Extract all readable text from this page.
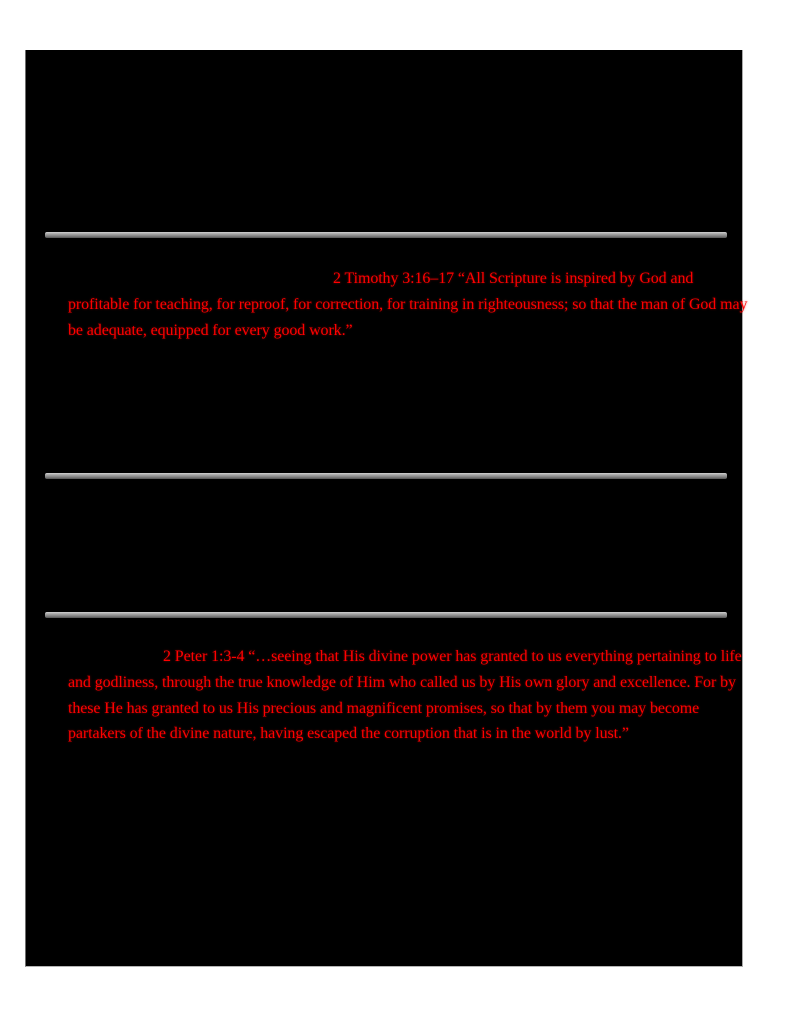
2 Timothy 3:16–17 “All Scripture is inspired by God and
profitable for teaching, for reproof, for correction, for training in righteousness; so that the man of God may
be adequate, equipped for every good work.”
2 Peter 1:3-4 “…seeing that His divine power has granted to us everything pertaining to life
and godliness, through the true knowledge of Him who called us by His own glory and excellence. For by
these He has granted to us His precious and magnificent promises, so that by them you may become
partakers of the divine nature, having escaped the corruption that is in the world by lust.”
